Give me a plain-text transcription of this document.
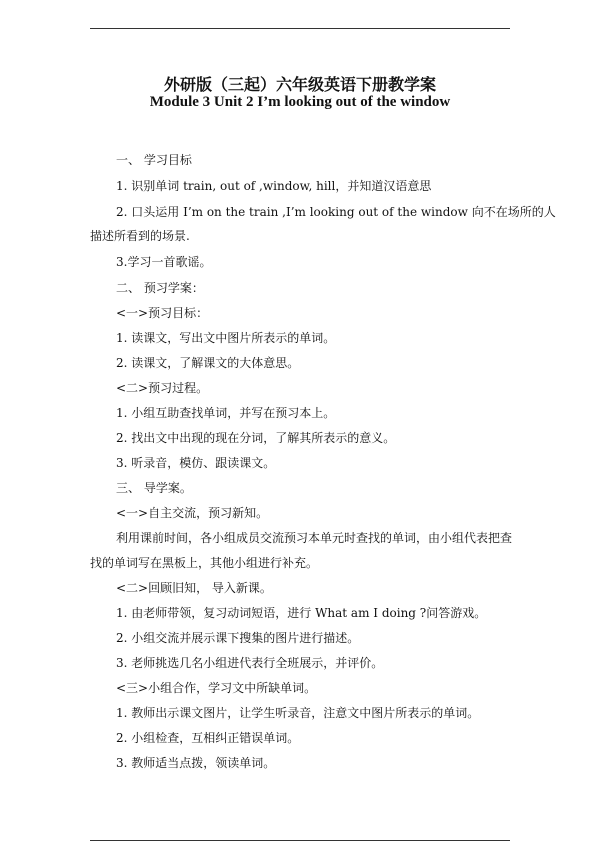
外研版（三起）六年级英语下册教学案
Module 3 Unit 2 I’m looking out of the window
一、 学习目标
1. 识别单词 train, out of ,window, hill，并知道汉语意思
2. 口头运用 I’m on the train ,I’m looking out of the window 向不在场所的人
描述所看到的场景.
3.学习一首歌谣。
二、 预习学案：
<一>预习目标：
1. 读课文，写出文中图片所表示的单词。
2. 读课文，了解课文的大体意思。
<二>预习过程。
1. 小组互助查找单词，并写在预习本上。
2. 找出文中出现的现在分词，了解其所表示的意义。
3. 听录音，模仿、跟读课文。
三、 导学案。
<一>自主交流，预习新知。
利用课前时间，各小组成员交流预习本单元时查找的单词，由小组代表把查
找的单词写在黑板上，其他小组进行补充。
<二>回顾旧知， 导入新课。
1. 由老师带领，复习动词短语，进行 What am I doing ?问答游戏。
2. 小组交流并展示课下搜集的图片进行描述。
3. 老师挑选几名小组进代表行全班展示，并评价。
<三>小组合作，学习文中所缺单词。
1. 教师出示课文图片，让学生听录音，注意文中图片所表示的单词。
2. 小组检查，互相纠正错误单词。
3. 教师适当点拨，领读单词。
